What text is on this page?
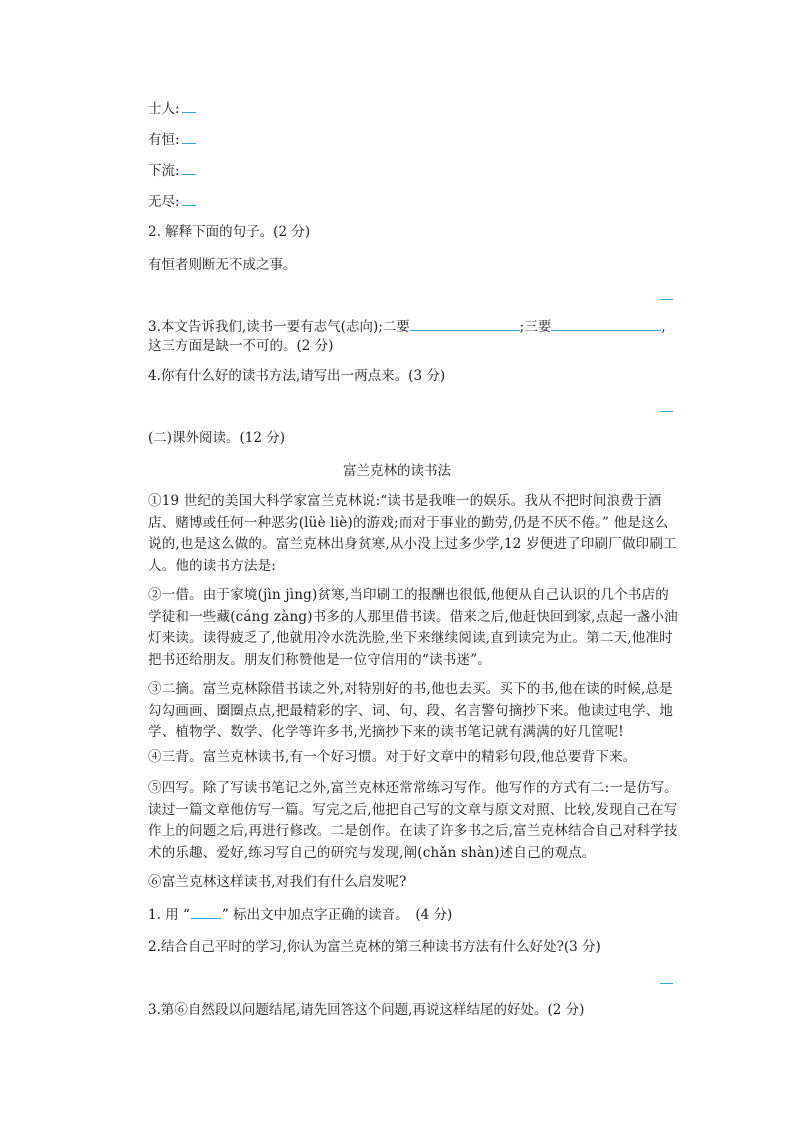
士人:
有恒:
下流:
无尽:
2. 解释下面的句子。(2 分)
有恒者则断无不成之事。
3.本文告诉我们,读书一要有志气(志向);二要	;三要	,
这三方面是缺一不可的。(2 分)
4.你有什么好的读书方法,请写出一两点来。(3 分)
(二)课外阅读。(12 分)
富兰克林的读书法
①19 世纪的美国大科学家富兰克林说:“读书是我唯一的娱乐。我从不把时间浪费于酒店、赌博或任何一种恶劣(lüè liè)的游戏;而对于事业的勤劳,仍是不厌不倦。” 他是这么说的,也是这么做的。富兰克林出身贫寒,从小没上过多少学,12 岁便进了印刷厂做印刷工人。他的读书方法是:
②一借。由于家境(jìn jìng)贫寒,当印刷工的报酬也很低,他便从自己认识的几个书店的学徒和一些藏(cáng zàng)书多的人那里借书读。借来之后,他赶快回到家,点起一盏小油灯来读。读得疲乏了,他就用冷水洗洗脸,坐下来继续阅读,直到读完为止。第二天,他准时把书还给朋友。朋友们称赞他是一位守信用的“读书迷”。
③二摘。富兰克林除借书读之外,对特别好的书,他也去买。买下的书,他在读的时候,总是勾勾画画、圈圈点点,把最精彩的字、词、句、段、名言警句摘抄下来。他读过电学、地学、植物学、数学、化学等许多书,光摘抄下来的读书笔记就有满满的好几筐呢!
④三背。富兰克林读书,有一个好习惯。对于好文章中的精彩句段,他总要背下来。
⑤四写。除了写读书笔记之外,富兰克林还常常练习写作。他写作的方式有二:一是仿写。读过一篇文章他仿写一篇。写完之后,他把自己写的文章与原文对照、比较,发现自己在写作上的问题之后,再进行修改。二是创作。在读了许多书之后,富兰克林结合自己对科学技术的乐趣、爱好,练习写自己的研究与发现,阐(chǎn shàn)述自己的观点。
⑥富兰克林这样读书,对我们有什么启发呢?
1. 用 “ ” 标出文中加点字正确的读音。　(4 分)
2.结合自己平时的学习,你认为富兰克林的第三种读书方法有什么好处?(3 分)
3.第⑥自然段以问题结尾,请先回答这个问题,再说这样结尾的好处。(2 分)
